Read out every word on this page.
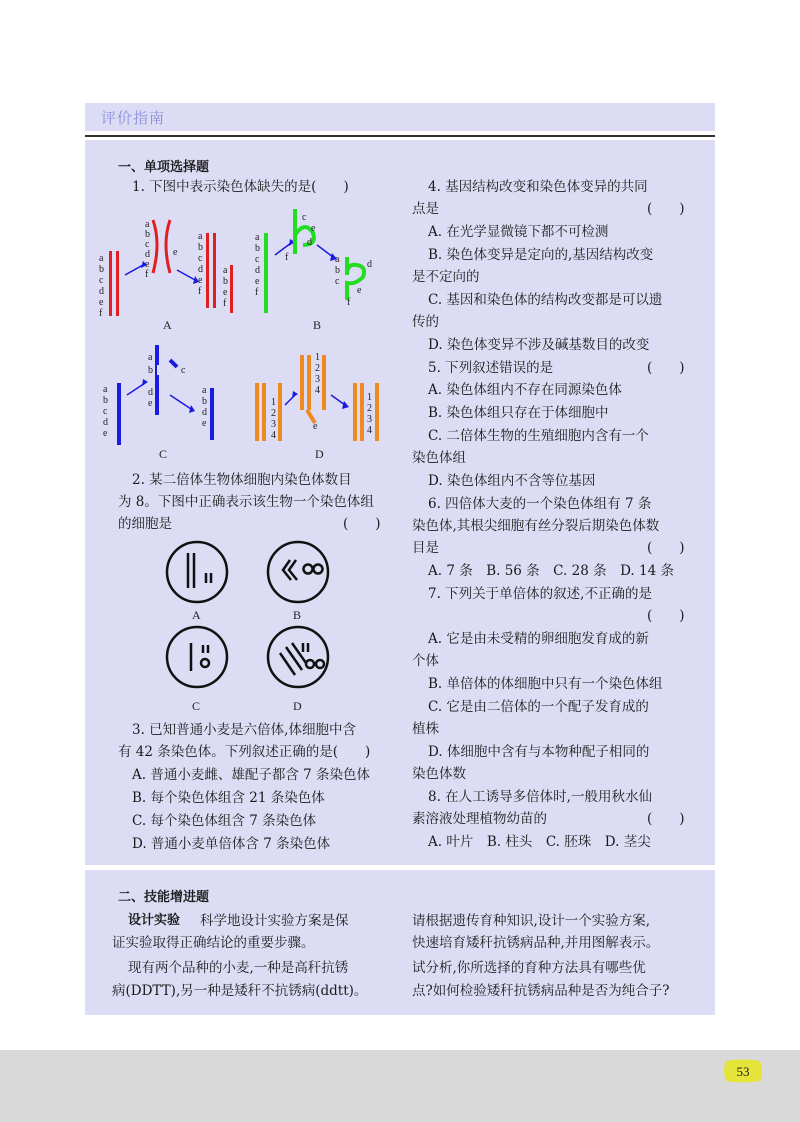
评价指南
一、单项选择题
1. 下图中表示染色体缺失的是(　　)
a
b
c
d
e
f
a
b
c
d
e
f
e
a
b
c
d
e
f
a
b
e
f
A
a
b
c
d
e
f
c
e
d
f	a
b
c
d
e
f
B
a
b
c
d
e
a
b
d
e
c
a
b
d
e
C
1
2
3
4
1
2
3
4
e
1
2
3
4
D
2. 某二倍体生物体细胞内染色体数目
为 8。下图中正确表示该生物一个染色体组
的细胞是	(　　)
A	B
C	D
3. 已知普通小麦是六倍体,体细胞中含
有 42 条染色体。下列叙述正确的是(　　)
A. 普通小麦雌、雄配子都含 7 条染色体
B. 每个染色体组含 21 条染色体
C. 每个染色体组含 7 条染色体
D. 普通小麦单倍体含 7 条染色体
4. 基因结构改变和染色体变异的共同
点是	(　　)
A. 在光学显微镜下都不可检测
B. 染色体变异是定向的,基因结构改变
是不定向的
C. 基因和染色体的结构改变都是可以遗
传的
D. 染色体变异不涉及碱基数目的改变
5. 下列叙述错误的是	(　　)
A. 染色体组内不存在同源染色体
B. 染色体组只存在于体细胞中
C. 二倍体生物的生殖细胞内含有一个
染色体组
D. 染色体组内不含等位基因
6. 四倍体大麦的一个染色体组有 7 条
染色体,其根尖细胞有丝分裂后期染色体数
目是	(　　)
A. 7 条　B. 56 条　C. 28 条　D. 14 条
7. 下列关于单倍体的叙述,不正确的是
(　　)
A. 它是由未受精的卵细胞发育成的新
个体
B. 单倍体的体细胞中只有一个染色体组
C. 它是由二倍体的一个配子发育成的
植株
D. 体细胞中含有与本物种配子相同的
染色体数
8. 在人工诱导多倍体时,一般用秋水仙
素溶液处理植物幼苗的	(　　)
A. 叶片　B. 柱头　C. 胚珠　D. 茎尖
二、技能增进题
设计实验 科学地设计实验方案是保
证实验取得正确结论的重要步骤。
现有两个品种的小麦,一种是高秆抗锈
病(DDTT),另一种是矮秆不抗锈病(ddtt)。
请根据遗传育种知识,设计一个实验方案,
快速培育矮秆抗锈病品种,并用图解表示。
试分析,你所选择的育种方法具有哪些优
点?如何检验矮秆抗锈病品种是否为纯合子?
53
